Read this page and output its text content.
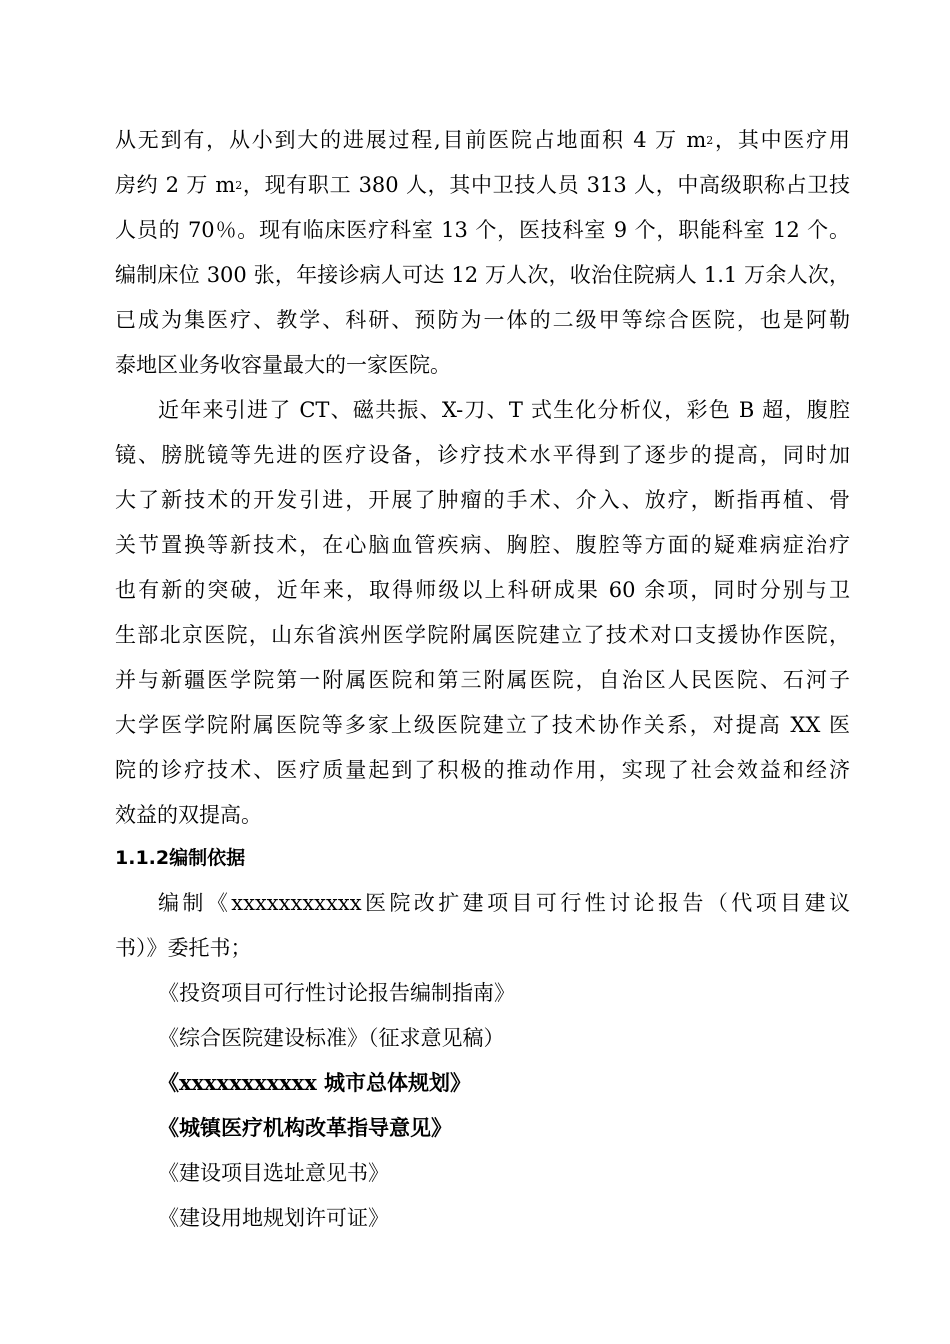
从无到有，从小到大的进展过程,目前医院占地面积 4 万 $m^2$，其中医疗用
房约 2 万 $m^2$，现有职工 380 人，其中卫技人员 313 人，中高级职称占卫技
人员的 70％。现有临床医疗科室 13 个，医技科室 9 个，职能科室 12 个。
编制床位 300 张，年接诊病人可达 12 万人次，收治住院病人 1.1 万余人次，
已成为集医疗、教学、科研、预防为一体的二级甲等综合医院，也是阿勒
泰地区业务收容量最大的一家医院。
近年来引进了 CT、磁共振、X-刀、T 式生化分析仪，彩色 B 超，腹腔
镜、膀胱镜等先进的医疗设备，诊疗技术水平得到了逐步的提高，同时加
大了新技术的开发引进，开展了肿瘤的手术、介入、放疗，断指再植、骨
关节置换等新技术，在心脑血管疾病、胸腔、腹腔等方面的疑难病症治疗
也有新的突破，近年来，取得师级以上科研成果 60 余项，同时分别与卫
生部北京医院，山东省滨州医学院附属医院建立了技术对口支援协作医院，
并与新疆医学院第一附属医院和第三附属医院，自治区人民医院、石河子
大学医学院附属医院等多家上级医院建立了技术协作关系，对提高 XX 医
院的诊疗技术、医疗质量起到了积极的推动作用，实现了社会效益和经济
效益的双提高。
1.1.2编制依据
编制《xxxxxxxxxxx医院改扩建项目可行性讨论报告（代项目建议
书）》委托书；
《投资项目可行性讨论报告编制指南》
《综合医院建设标准》（征求意见稿）
《xxxxxxxxxxx 城市总体规划》
《城镇医疗机构改革指导意见》
《建设项目选址意见书》
《建设用地规划许可证》
